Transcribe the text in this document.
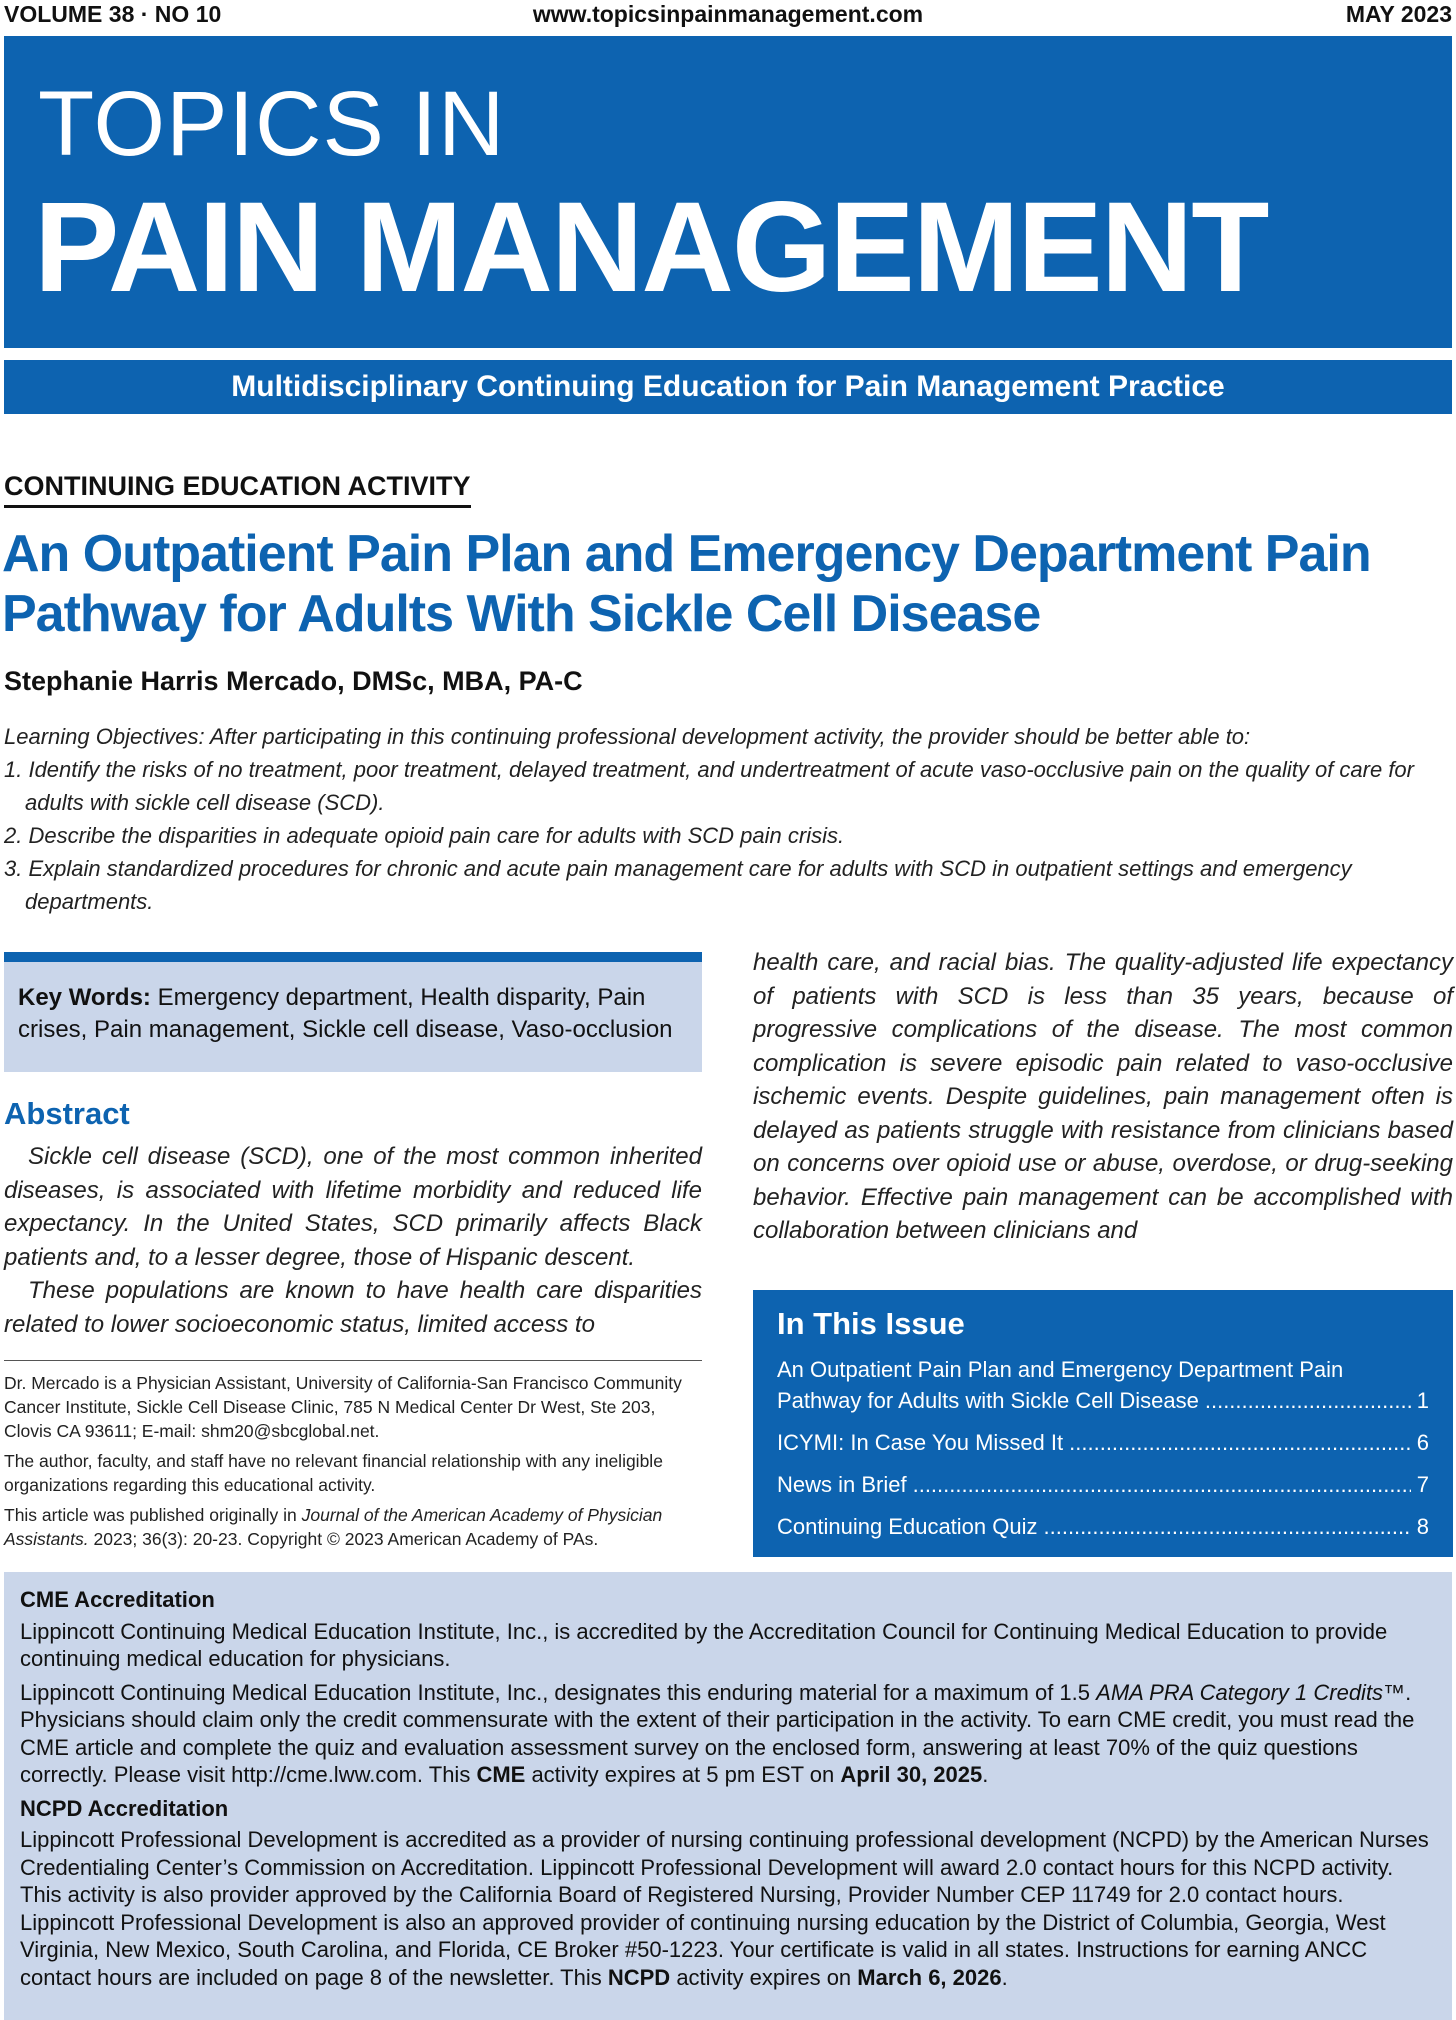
VOLUME 38 · NO 10	www.topicsinpainmanagement.com	MAY 2023
TOPICS IN
PAIN MANAGEMENT
Multidisciplinary Continuing Education for Pain Management Practice
CONTINUING EDUCATION ACTIVITY
An Outpatient Pain Plan and Emergency Department Pain
Pathway for Adults With Sickle Cell Disease
Stephanie Harris Mercado, DMSc, MBA, PA-C
Learning Objectives: After participating in this continuing professional development activity, the provider should be better able to:
1. Identify the risks of no treatment, poor treatment, delayed treatment, and undertreatment of acute vaso-occlusive pain on the quality of care for adults with sickle cell disease (SCD).
2. Describe the disparities in adequate opioid pain care for adults with SCD pain crisis.
3. Explain standardized procedures for chronic and acute pain management care for adults with SCD in outpatient settings and emergency departments.
Key Words: Emergency department, Health disparity, Pain crises, Pain management, Sickle cell disease, Vaso-occlusion
Abstract

Sickle cell disease (SCD), one of the most common inherited diseases, is associated with lifetime morbidity and reduced life expectancy. In the United States, SCD primarily affects Black patients and, to a lesser degree, those of Hispanic descent.

These populations are known to have health care disparities related to lower socioeconomic status, limited access to

Dr. Mercado is a Physician Assistant, University of California-San Francisco Community Cancer Institute, Sickle Cell Disease Clinic, 785 N Medical Center Dr West, Ste 203, Clovis CA 93611; E-mail: shm20@sbcglobal.net.

The author, faculty, and staff have no relevant financial relationship with any ineligible organizations regarding this educational activity.

This article was published originally in Journal of the American Academy of Physician Assistants. 2023; 36(3): 20-23. Copyright © 2023 American Academy of PAs.

health care, and racial bias. The quality-adjusted life expectancy of patients with SCD is less than 35 years, because of progressive complications of the disease. The most common complication is severe episodic pain related to vaso-occlusive ischemic events. Despite guidelines, pain management often is delayed as patients struggle with resistance from clinicians based on concerns over opioid use or abuse, overdose, or drug-seeking behavior. Effective pain management can be accomplished with collaboration between clinicians and
In This Issue
An Outpatient Pain Plan and Emergency Department Pain
Pathway for Adults with Sickle Cell Disease .....	1
ICYMI: In Case You Missed It .....	6
News in Brief .....	7
Continuing Education Quiz .....	8
CME Accreditation

Lippincott Continuing Medical Education Institute, Inc., is accredited by the Accreditation Council for Continuing Medical Education to provide continuing medical education for physicians.

Lippincott Continuing Medical Education Institute, Inc., designates this enduring material for a maximum of 1.5 AMA PRA Category 1 Credits™. Physicians should claim only the credit commensurate with the extent of their participation in the activity. To earn CME credit, you must read the CME article and complete the quiz and evaluation assessment survey on the enclosed form, answering at least 70% of the quiz questions correctly. Please visit http://cme.lww.com. This CME activity expires at 5 pm EST on April 30, 2025.

NCPD Accreditation

Lippincott Professional Development is accredited as a provider of nursing continuing professional development (NCPD) by the American Nurses Credentialing Center’s Commission on Accreditation. Lippincott Professional Development will award 2.0 contact hours for this NCPD activity. This activity is also provider approved by the California Board of Registered Nursing, Provider Number CEP 11749 for 2.0 contact hours. Lippincott Professional Development is also an approved provider of continuing nursing education by the District of Columbia, Georgia, West Virginia, New Mexico, South Carolina, and Florida, CE Broker #50-1223. Your certificate is valid in all states. Instructions for earning ANCC contact hours are included on page 8 of the newsletter. This NCPD activity expires on March 6, 2026.
